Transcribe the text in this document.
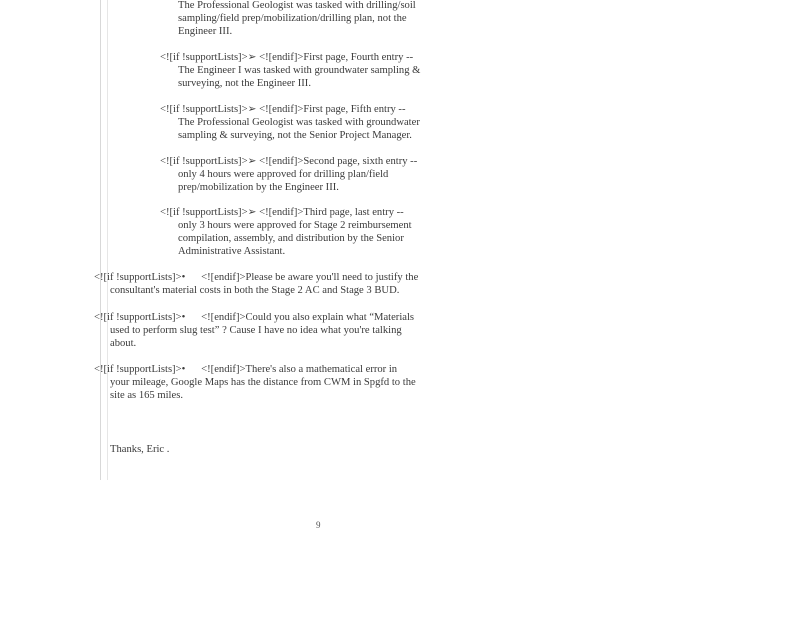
The Professional Geologist was tasked with drilling/soil
sampling/field prep/mobilization/drilling plan, not the
Engineer III.

<![if !supportLists]>➢ <![endif]>First page, Fourth entry --
The Engineer I was tasked with groundwater sampling &
surveying, not the Engineer III.

<![if !supportLists]>➢ <![endif]>First page, Fifth entry --
The Professional Geologist was tasked with groundwater
sampling & surveying, not the Senior Project Manager.

<![if !supportLists]>➢ <![endif]>Second page, sixth entry --
only 4 hours were approved for drilling plan/field
prep/mobilization by the Engineer III.

<![if !supportLists]>➢ <![endif]>Third page, last entry --
only 3 hours were approved for Stage 2 reimbursement
compilation, assembly, and distribution by the Senior
Administrative Assistant.

<![if !supportLists]>•      <![endif]>Please be aware you'll need to justify the
consultant's material costs in both the Stage 2 AC and Stage 3 BUD.

<![if !supportLists]>•      <![endif]>Could you also explain what “Materials
used to perform slug test” ? Cause I have no idea what you're talking
about.

<![if !supportLists]>•      <![endif]>There's also a mathematical error in
your mileage, Google Maps has the distance from CWM in Spgfd to the
site as 165 miles.

Thanks, Eric .

9
